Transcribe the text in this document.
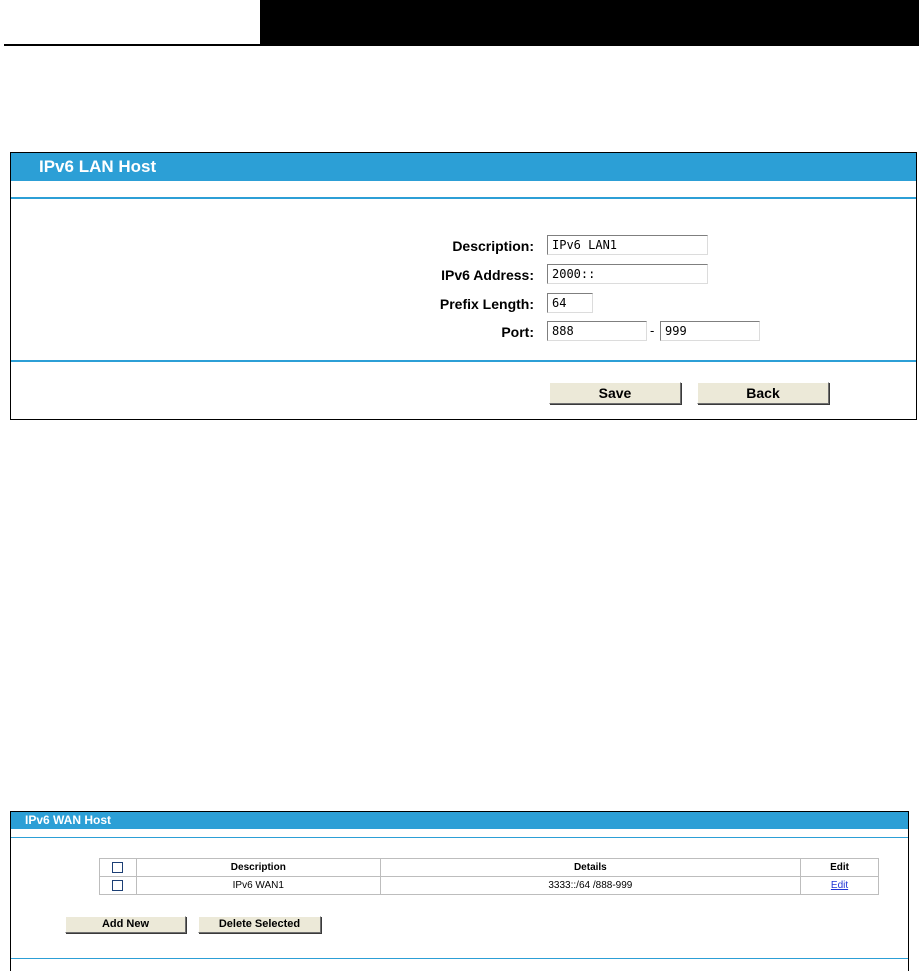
IPv6 LAN Host
Description:	IPv6 LAN1
IPv6 Address:	2000::
Prefix Length:	64
Port:	888	- 999
Save	Back
IPv6 WAN Host
	Description	Details	Edit
	IPv6 WAN1	3333::/64 /888-999	Edit
Add New	Delete Selected
